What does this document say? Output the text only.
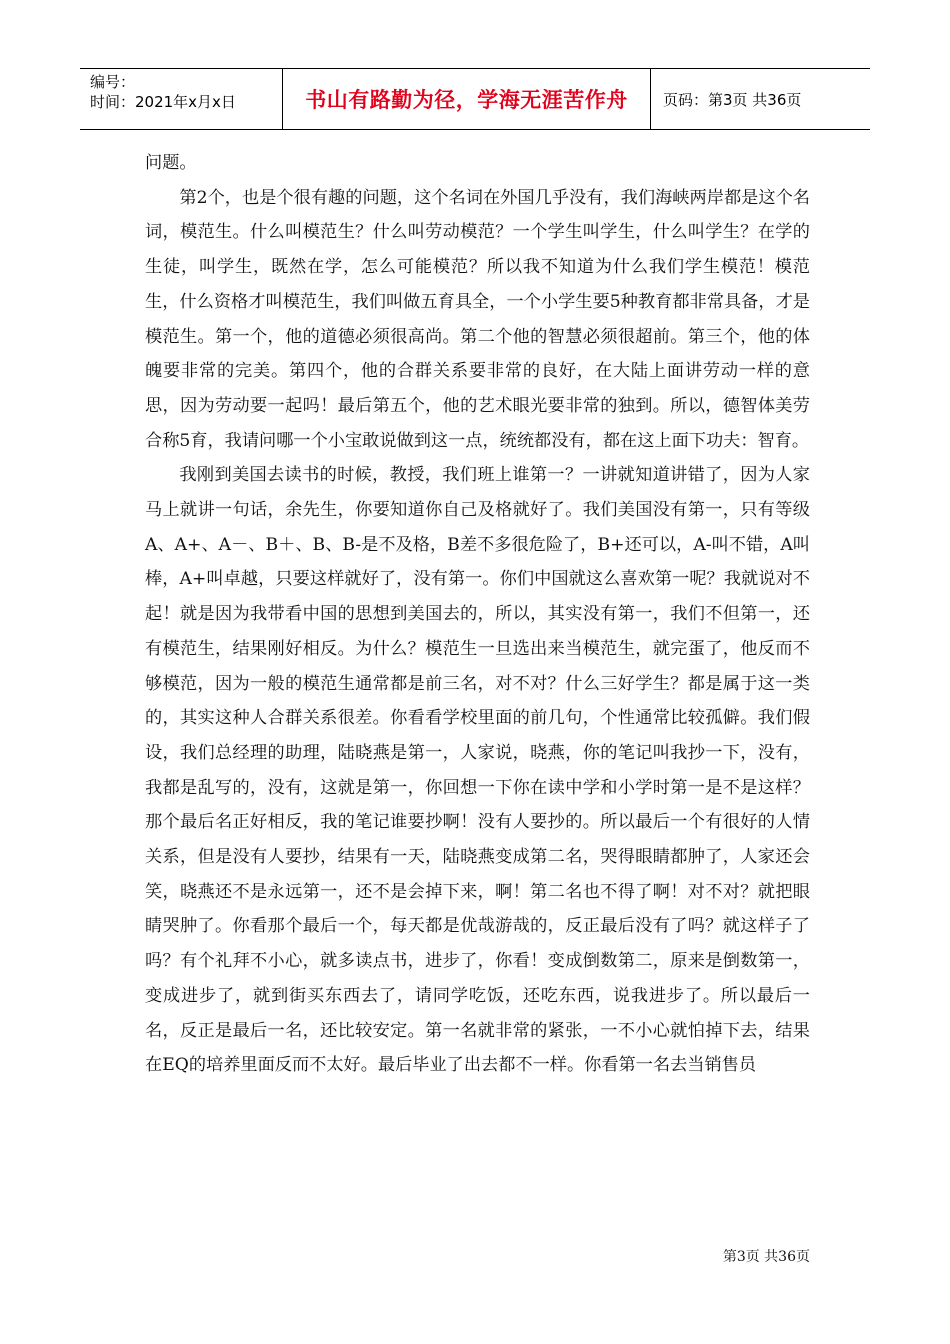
编号：
时间：2021年x月x日	书山有路勤为径，学海无涯苦作舟	页码：第3页 共36页

问题。

第2个，也是个很有趣的问题，这个名词在外国几乎没有，我们海峡两岸都是这个名词，模范生。什么叫模范生？什么叫劳动模范？一个学生叫学生，什么叫学生？在学的生徒，叫学生，既然在学，怎么可能模范？所以我不知道为什么我们学生模范！模范生，什么资格才叫模范生，我们叫做五育具全，一个小学生要5种教育都非常具备，才是模范生。第一个，他的道德必须很高尚。第二个他的智慧必须很超前。第三个，他的体魄要非常的完美。第四个，他的合群关系要非常的良好，在大陆上面讲劳动一样的意思，因为劳动要一起吗！最后第五个，他的艺术眼光要非常的独到。所以，德智体美劳合称5育，我请问哪一个小宝敢说做到这一点，统统都没有，都在这上面下功夫：智育。

我刚到美国去读书的时候，教授，我们班上谁第一？一讲就知道讲错了，因为人家马上就讲一句话，余先生，你要知道你自己及格就好了。我们美国没有第一，只有等级A、A+、A－、B＋、B、B-是不及格，B差不多很危险了，B+还可以，A-叫不错，A叫棒，A+叫卓越，只要这样就好了，没有第一。你们中国就这么喜欢第一呢？我就说对不起！就是因为我带看中国的思想到美国去的，所以，其实没有第一，我们不但第一，还有模范生，结果刚好相反。为什么？模范生一旦选出来当模范生，就完蛋了，他反而不够模范，因为一般的模范生通常都是前三名，对不对？什么三好学生？都是属于这一类的，其实这种人合群关系很差。你看看学校里面的前几句，个性通常比较孤僻。我们假设，我们总经理的助理，陆晓燕是第一，人家说，晓燕，你的笔记叫我抄一下，没有，我都是乱写的，没有，这就是第一，你回想一下你在读中学和小学时第一是不是这样？那个最后名正好相反，我的笔记谁要抄啊！没有人要抄的。所以最后一个有很好的人情关系，但是没有人要抄，结果有一天，陆晓燕变成第二名，哭得眼睛都肿了，人家还会笑，晓燕还不是永远第一，还不是会掉下来，啊！第二名也不得了啊！对不对？就把眼睛哭肿了。你看那个最后一个，每天都是优哉游哉的，反正最后没有了吗？就这样子了吗？有个礼拜不小心，就多读点书，进步了，你看！变成倒数第二，原来是倒数第一，变成进步了，就到街买东西去了，请同学吃饭，还吃东西，说我进步了。所以最后一名，反正是最后一名，还比较安定。第一名就非常的紧张，一不小心就怕掉下去，结果在EQ的培养里面反而不太好。最后毕业了出去都不一样。你看第一名去当销售员

第3页 共36页
